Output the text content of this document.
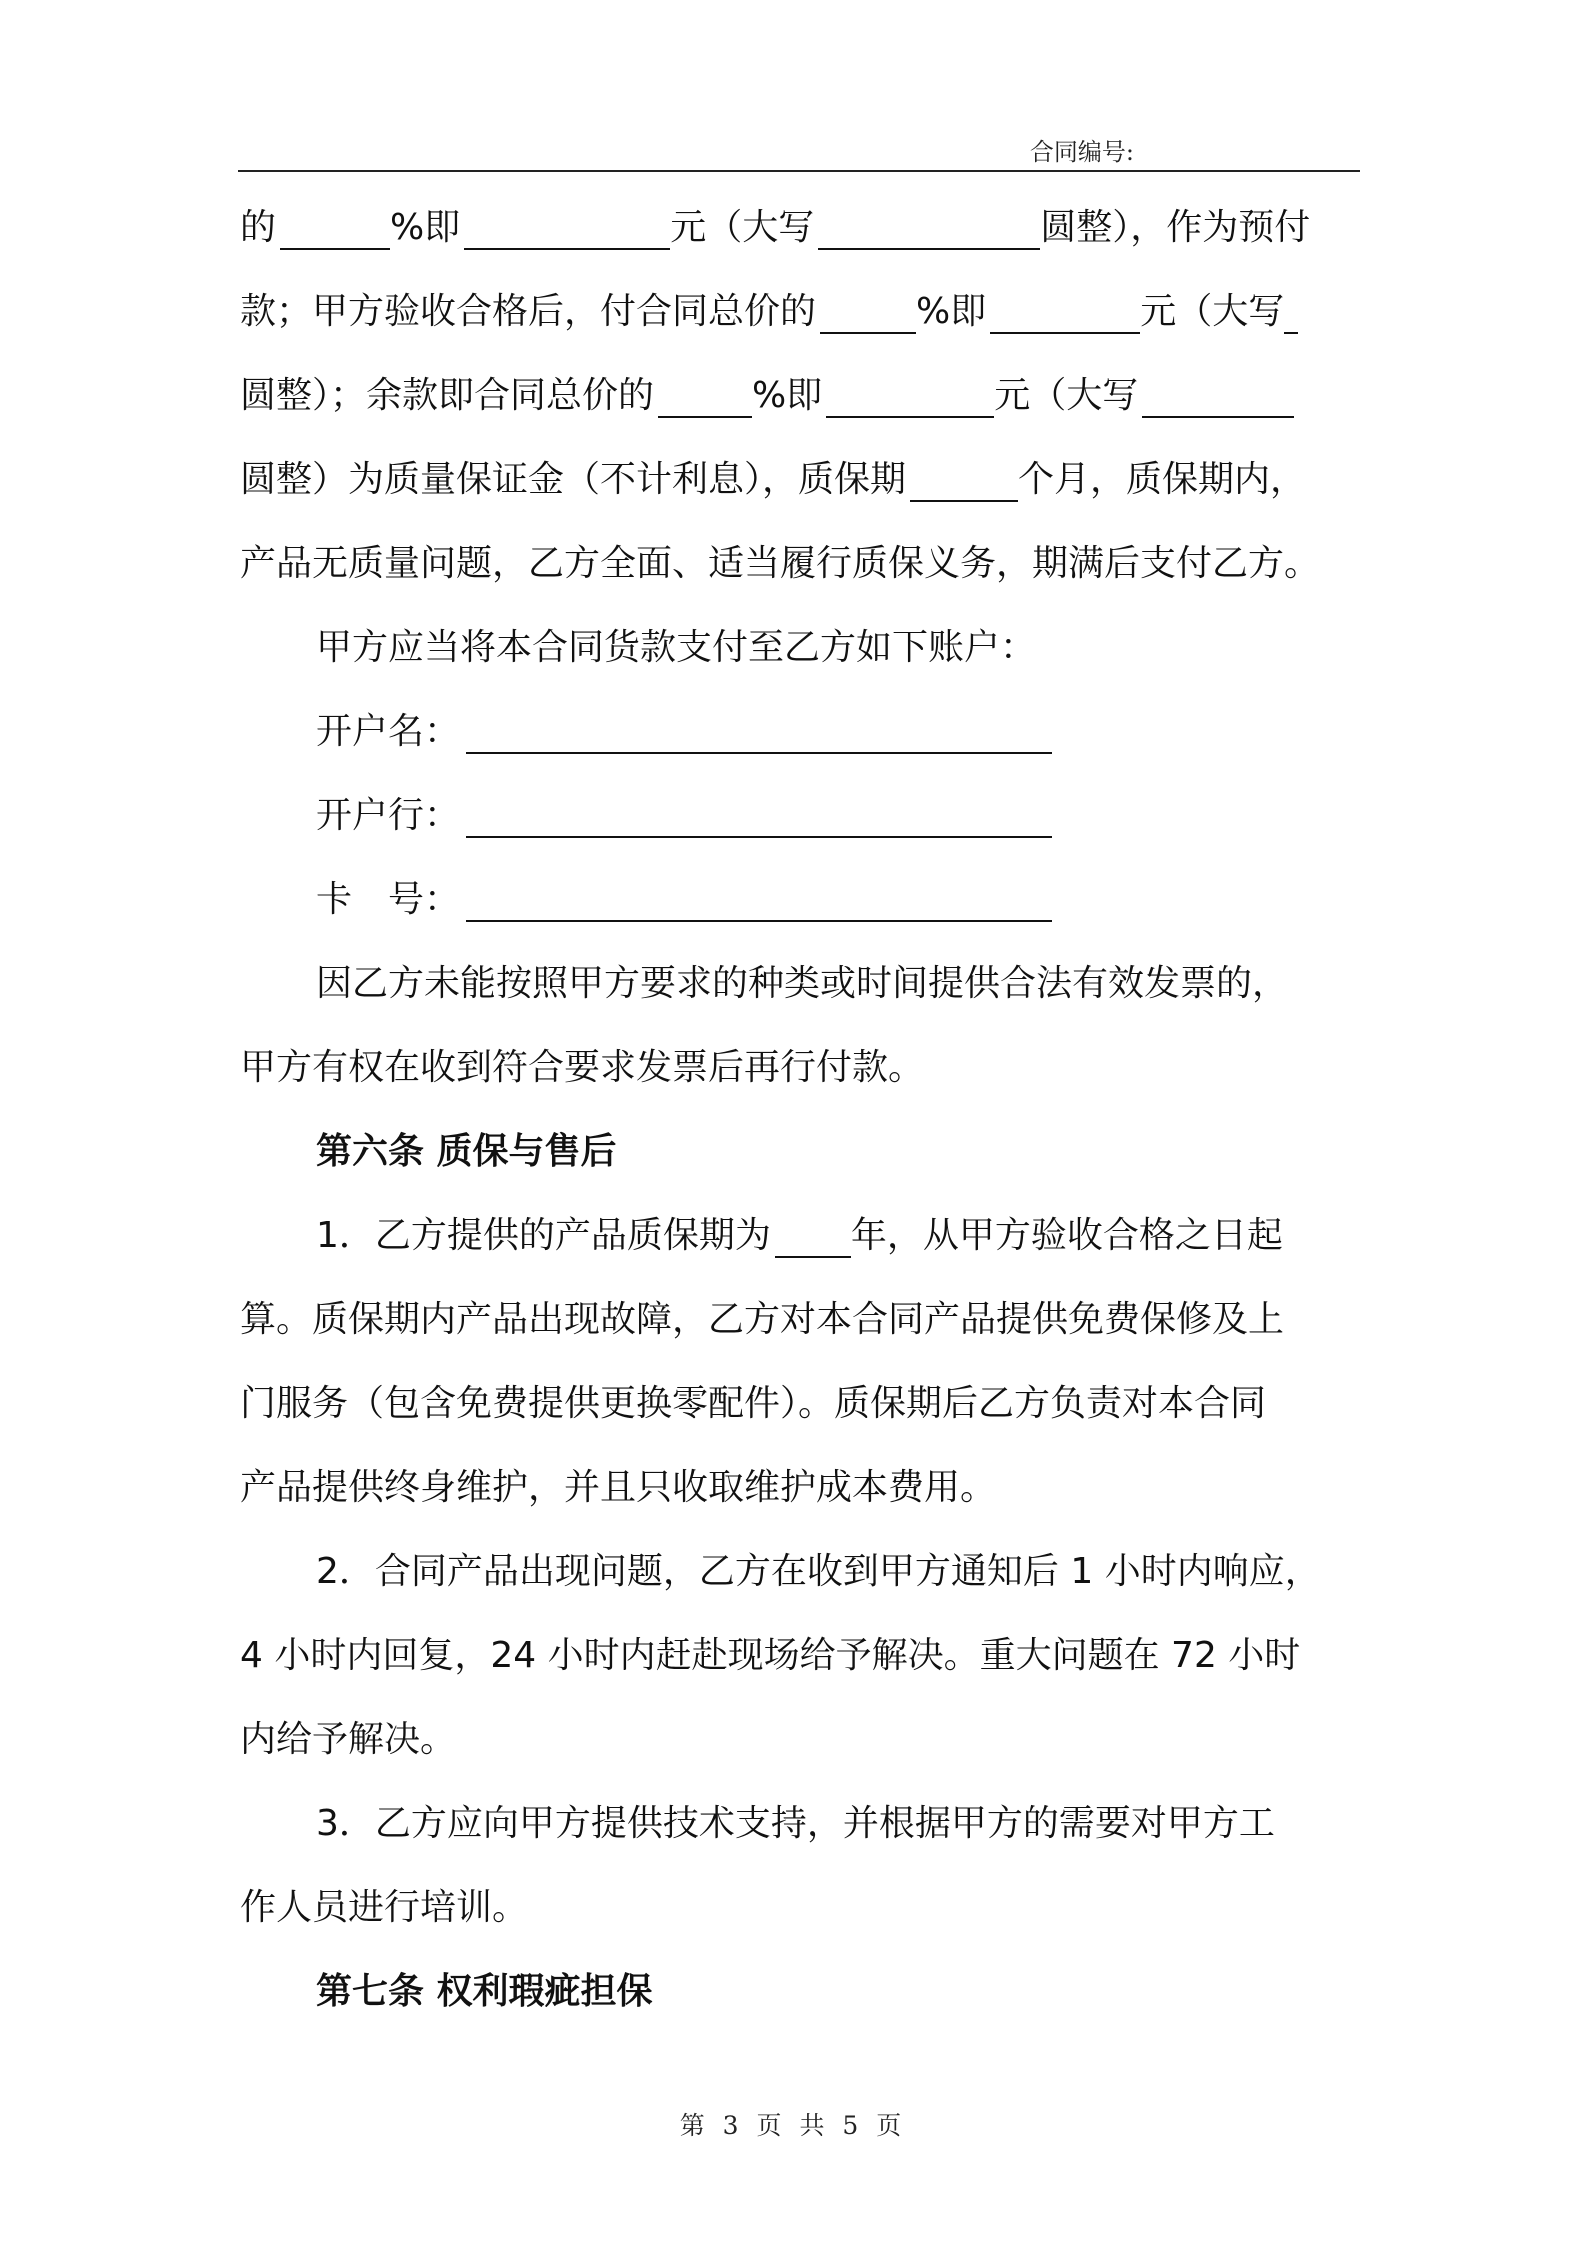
合同编号:
的	%即	元（大写	圆整），作为预付
款；甲方验收合格后，付合同总价的	%即	元（大写
圆整）；余款即合同总价的	%即	元（大写
圆整）为质量保证金（不计利息），质保期	个月，质保期内，
产品无质量问题，乙方全面、适当履行质保义务，期满后支付乙方。
甲方应当将本合同货款支付至乙方如下账户：
开户名：
开户行：
卡　号：
因乙方未能按照甲方要求的种类或时间提供合法有效发票的，
甲方有权在收到符合要求发票后再行付款。
第六条 质保与售后
1．乙方提供的产品质保期为 年，从甲方验收合格之日起
算。质保期内产品出现故障，乙方对本合同产品提供免费保修及上
门服务（包含免费提供更换零配件）。质保期后乙方负责对本合同
产品提供终身维护，并且只收取维护成本费用。
2．合同产品出现问题，乙方在收到甲方通知后 1 小时内响应，
4 小时内回复，24 小时内赶赴现场给予解决。重大问题在 72 小时
内给予解决。
3．乙方应向甲方提供技术支持，并根据甲方的需要对甲方工
作人员进行培训。
第七条 权利瑕疵担保
第 3 页 共 5 页
